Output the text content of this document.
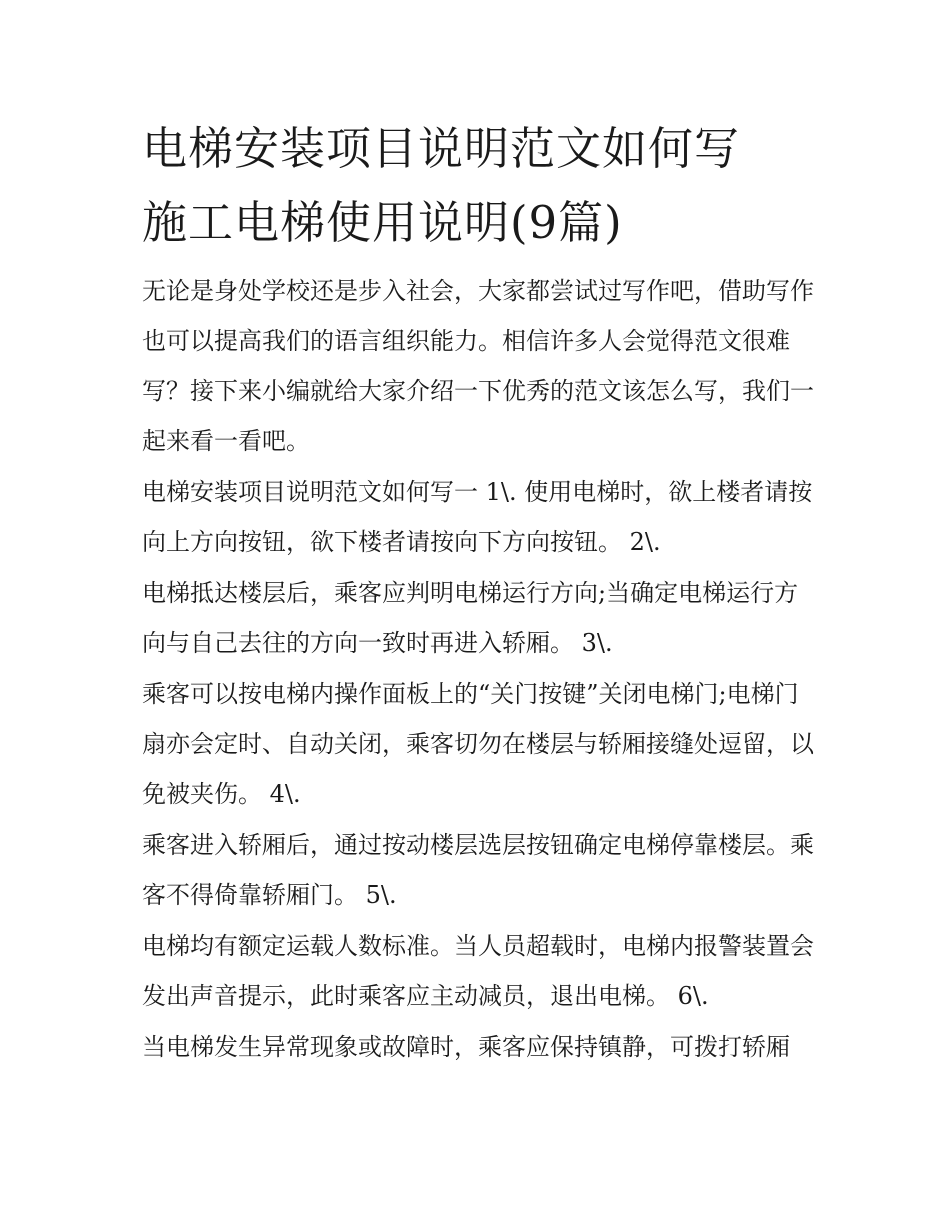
电梯安装项目说明范文如何写
施工电梯使用说明(9篇)

无论是身处学校还是步入社会，大家都尝试过写作吧，借助写作也可以提高我们的语言组织能力。相信许多人会觉得范文很难写？接下来小编就给大家介绍一下优秀的范文该怎么写，我们一起来看一看吧。

电梯安装项目说明范文如何写一 1\. 使用电梯时，欲上楼者请按向上方向按钮，欲下楼者请按向下方向按钮。 2\.

电梯抵达楼层后，乘客应判明电梯运行方向;当确定电梯运行方向与自己去往的方向一致时再进入轿厢。 3\.

乘客可以按电梯内操作面板上的“关门按键”关闭电梯门;电梯门扇亦会定时、自动关闭，乘客切勿在楼层与轿厢接缝处逗留，以免被夹伤。 4\.

乘客进入轿厢后，通过按动楼层选层按钮确定电梯停靠楼层。乘客不得倚靠轿厢门。 5\.

电梯均有额定运载人数标准。当人员超载时，电梯内报警装置会发出声音提示，此时乘客应主动减员，退出电梯。 6\.

当电梯发生异常现象或故障时，乘客应保持镇静，可拨打轿厢
